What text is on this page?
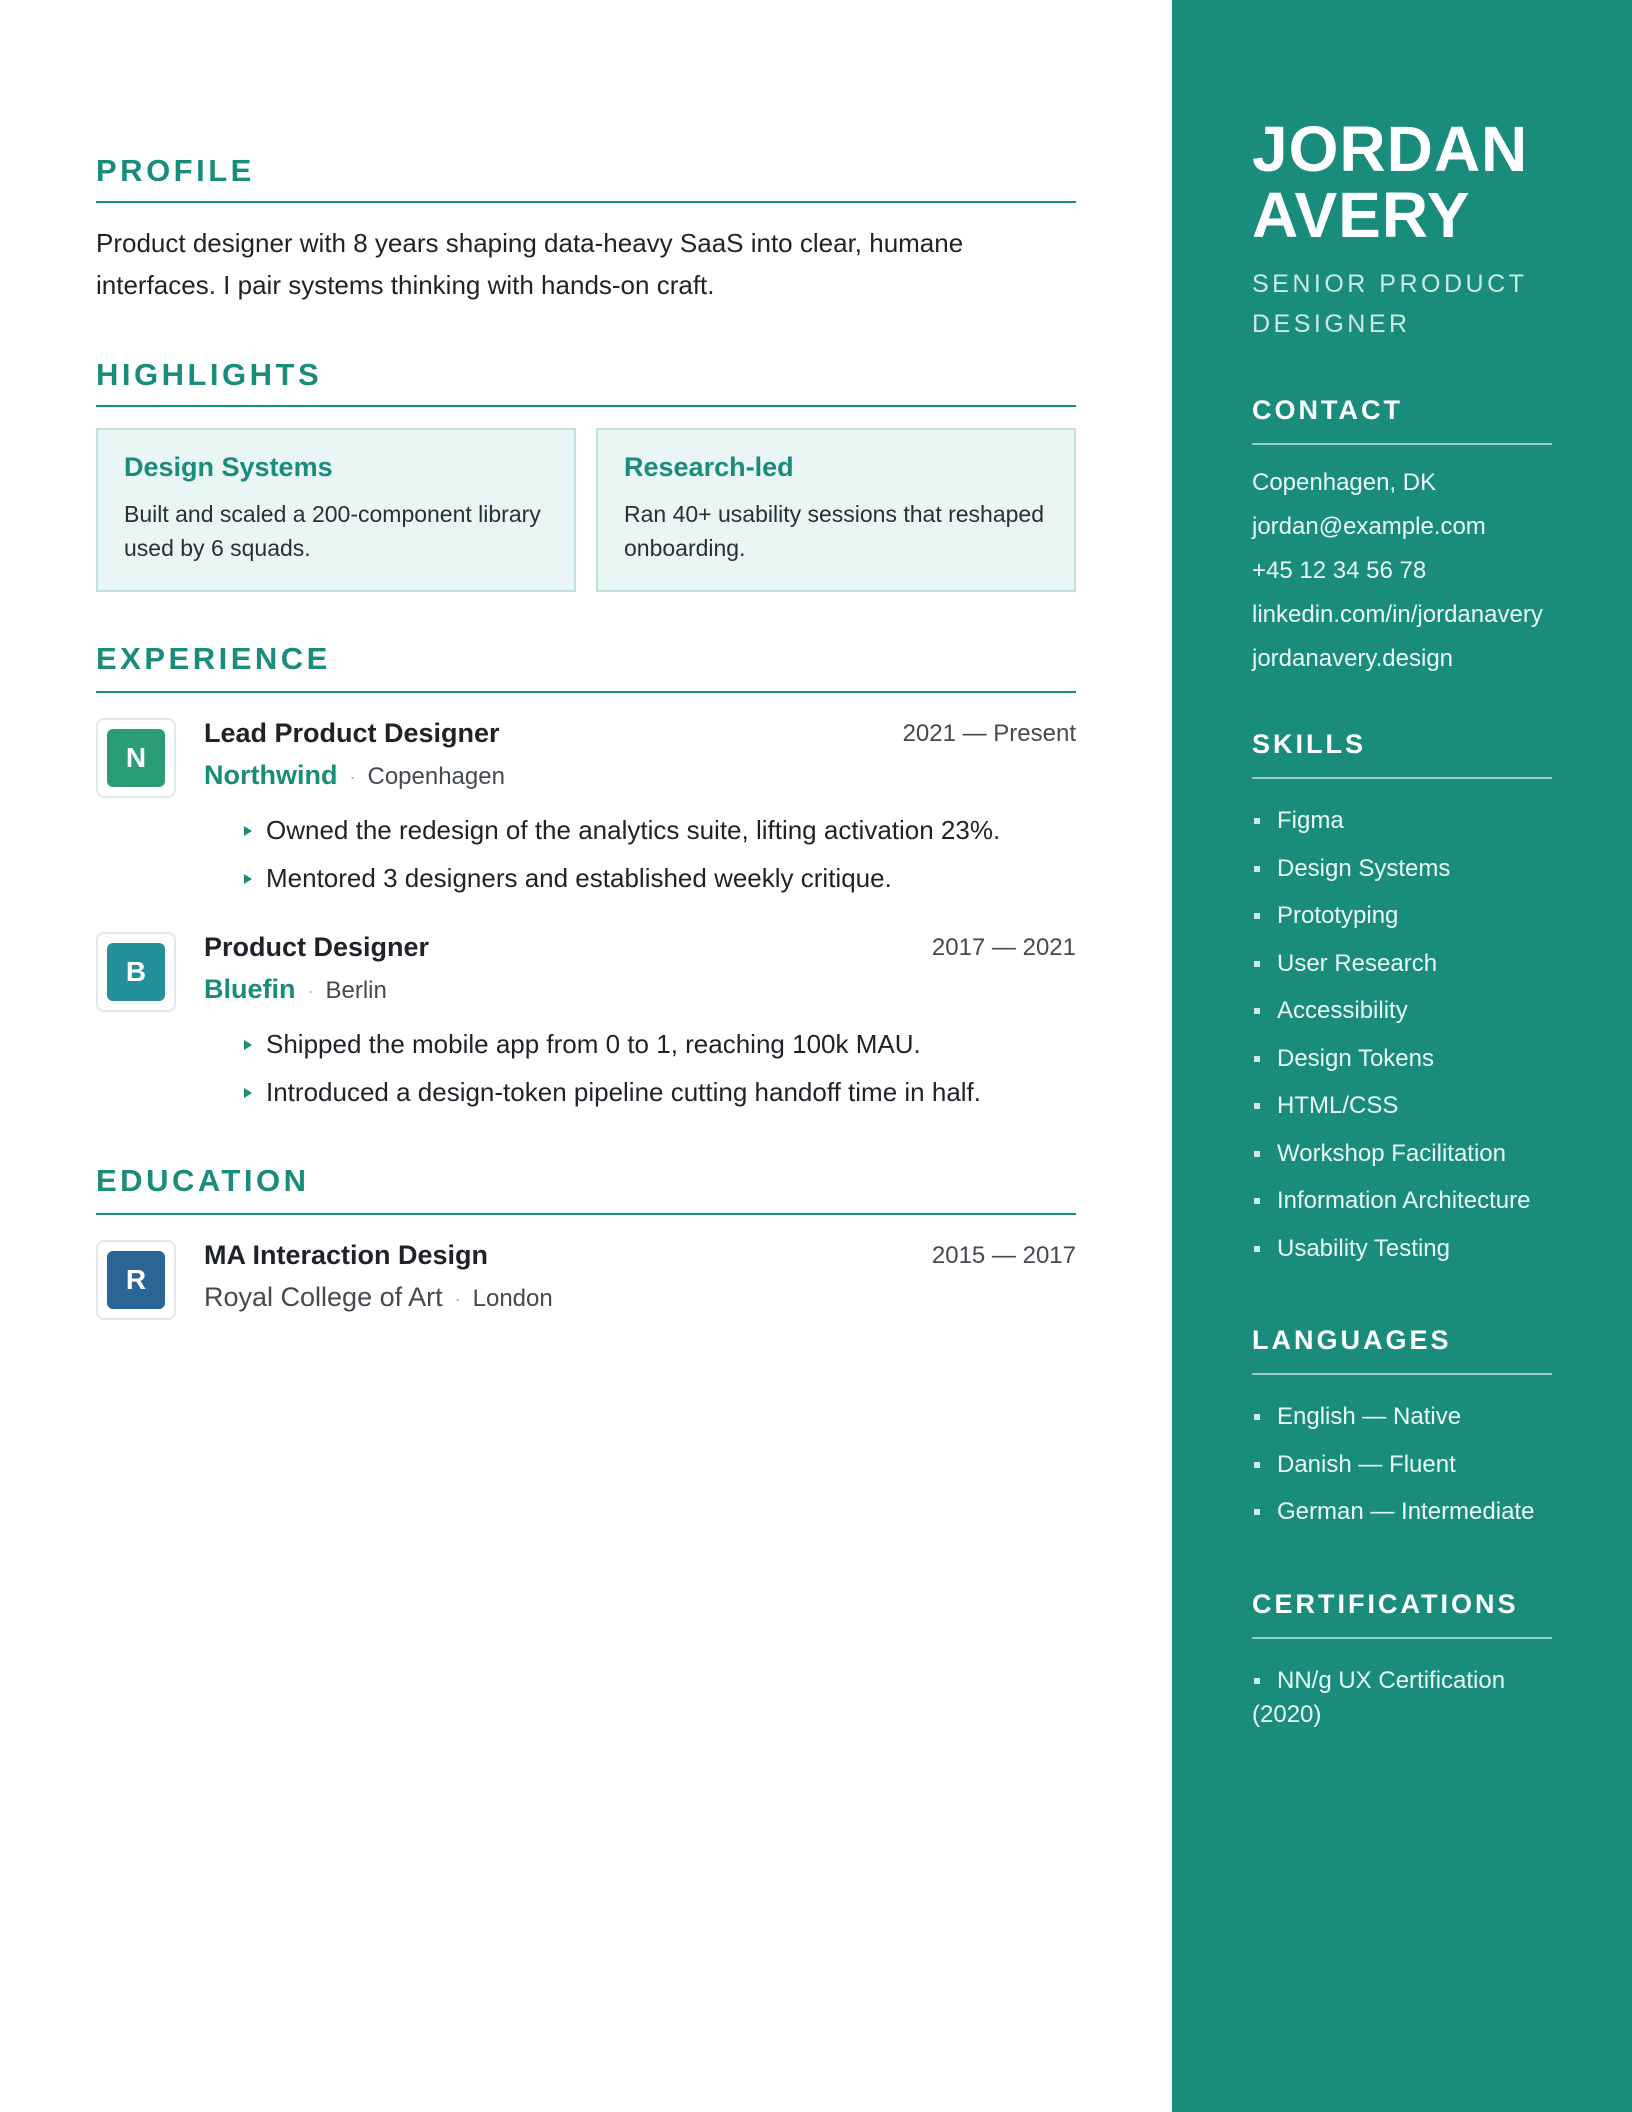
PROFILE
Product designer with 8 years shaping data-heavy SaaS into clear, humane interfaces. I pair systems thinking with hands-on craft.
HIGHLIGHTS
Design Systems
Built and scaled a 200-component library used by 6 squads.
Research-led
Ran 40+ usability sessions that reshaped onboarding.
EXPERIENCE
N
Lead Product Designer	2021 — Present
Northwind · Copenhagen
Owned the redesign of the analytics suite, lifting activation 23%.
Mentored 3 designers and established weekly critique.
B
Product Designer	2017 — 2021
Bluefin · Berlin
Shipped the mobile app from 0 to 1, reaching 100k MAU.
Introduced a design-token pipeline cutting handoff time in half.
EDUCATION
R
MA Interaction Design	2015 — 2017
Royal College of Art · London
JORDAN
AVERY
SENIOR PRODUCT DESIGNER
CONTACT
Copenhagen, DK
jordan@example.com
+45 12 34 56 78
linkedin.com/in/jordanavery
jordanavery.design
SKILLS
Figma
Design Systems
Prototyping
User Research
Accessibility
Design Tokens
HTML/CSS
Workshop Facilitation
Information Architecture
Usability Testing
LANGUAGES
English — Native
Danish — Fluent
German — Intermediate
CERTIFICATIONS
NN/g UX Certification (2020)
